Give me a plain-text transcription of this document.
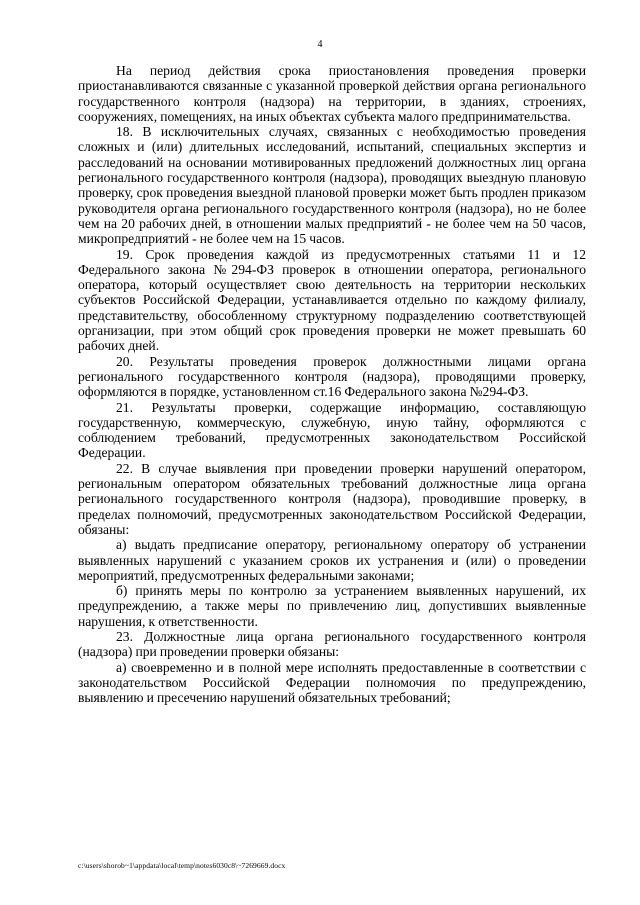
4

На период действия срока приостановления проведения проверки приостанавливаются связанные с указанной проверкой действия органа регионального государственного контроля (надзора) на территории, в зданиях, строениях, сооружениях, помещениях, на иных объектах субъекта малого предпринимательства.

18. В исключительных случаях, связанных с необходимостью проведения сложных и (или) длительных исследований, испытаний, специальных экспертиз и расследований на основании мотивированных предложений должностных лиц органа регионального государственного контроля (надзора), проводящих выездную плановую проверку, срок проведения выездной плановой проверки может быть продлен приказом руководителя органа регионального государственного контроля (надзора), но не более чем на 20 рабочих дней, в отношении малых предприятий - не более чем на 50 часов, микропредприятий - не более чем на 15 часов.

19. Срок проведения каждой из предусмотренных статьями 11 и 12 Федерального закона №294-ФЗ проверок в отношении оператора, регионального оператора, который осуществляет свою деятельность на территории нескольких субъектов Российской Федерации, устанавливается отдельно по каждому филиалу, представительству, обособленному структурному подразделению соответствующей организации, при этом общий срок проведения проверки не может превышать 60 рабочих дней.

20. Результаты проведения проверок должностными лицами органа регионального государственного контроля (надзора), проводящими проверку, оформляются в порядке, установленном ст.16 Федерального закона №294-ФЗ.

21. Результаты проверки, содержащие информацию, составляющую государственную, коммерческую, служебную, иную тайну, оформляются с соблюдением требований, предусмотренных законодательством Российской Федерации.

22. В случае выявления при проведении проверки нарушений оператором, региональным оператором обязательных требований должностные лица органа регионального государственного контроля (надзора), проводившие проверку, в пределах полномочий, предусмотренных законодательством Российской Федерации, обязаны:

а) выдать предписание оператору, региональному оператору об устранении выявленных нарушений с указанием сроков их устранения и (или) о проведении мероприятий, предусмотренных федеральными законами;

б) принять меры по контролю за устранением выявленных нарушений, их предупреждению, а также меры по привлечению лиц, допустивших выявленные нарушения, к ответственности.

23. Должностные лица органа регионального государственного контроля (надзора) при проведении проверки обязаны:

а) своевременно и в полной мере исполнять предоставленные в соответствии с законодательством Российской Федерации полномочия по предупреждению, выявлению и пресечению нарушений обязательных требований;

c:\users\shorob~1\appdata\local\temp\notes6030c8\~7269669.docx
